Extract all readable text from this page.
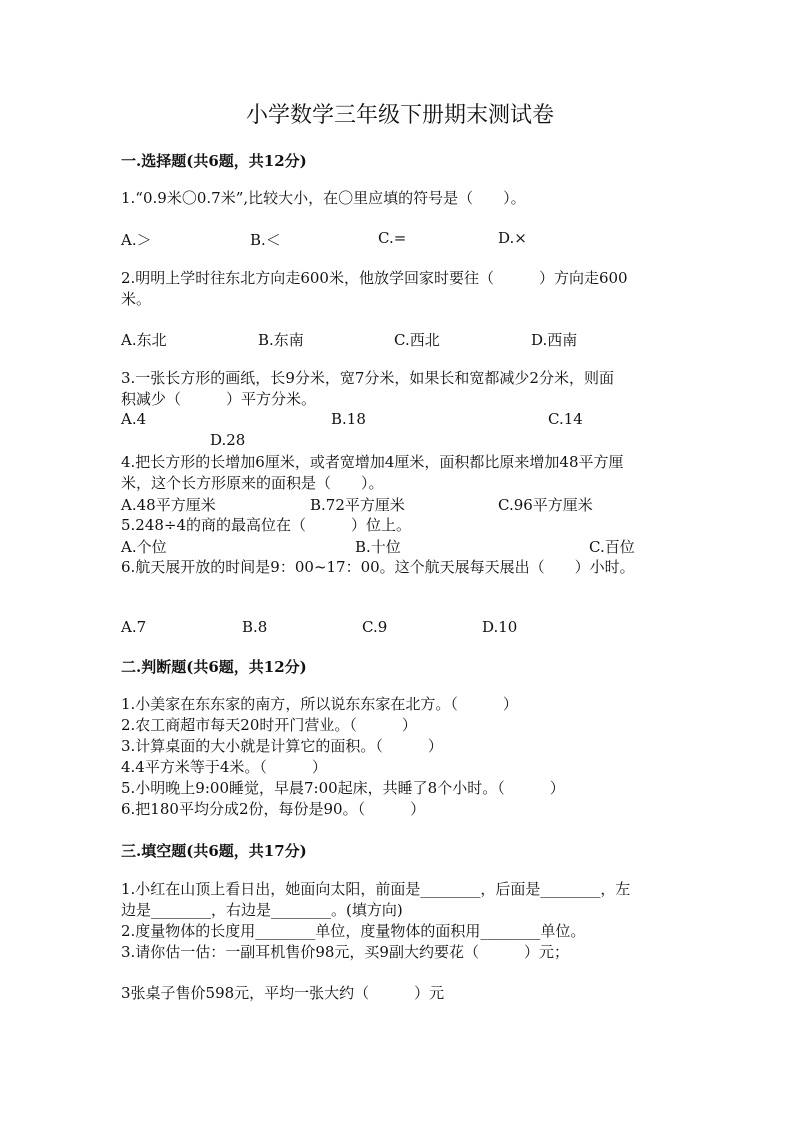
小学数学三年级下册期末测试卷
一.选择题(共6题，共12分)
1.“0.9米〇0.7米”,比较大小，在〇里应填的符号是（　　）。
A.＞	B.＜	C.=	D.×
2.明明上学时往东北方向走600米，他放学回家时要往（　　　）方向走600
米。
A.东北	B.东南	C.西北	D.西南
3.一张长方形的画纸，长9分米，宽7分米，如果长和宽都减少2分米，则面
积减少（　　　）平方分米。
A.4	B.18	C.14
D.28
4.把长方形的长增加6厘米，或者宽增加4厘米，面积都比原来增加48平方厘
米，这个长方形原来的面积是（　　）。
A.48平方厘米	B.72平方厘米	C.96平方厘米
5.248÷4的商的最高位在（　　　）位上。
A.个位	B.十位	C.百位
6.航天展开放的时间是9：00~17：00。这个航天展每天展出（　　）小时。
A.7	B.8	C.9	D.10
二.判断题(共6题，共12分)
1.小美家在东东家的南方，所以说东东家在北方。（　　　）
2.农工商超市每天20时开门营业。（　　　）
3.计算桌面的大小就是计算它的面积。（　　　）
4.4平方米等于4米。（　　　）
5.小明晚上9:00睡觉，早晨7:00起床，共睡了8个小时。（　　　）
6.把180平均分成2份，每份是90。（　　　）
三.填空题(共6题，共17分)
1.小红在山顶上看日出，她面向太阳，前面是________，后面是________，左
边是________，右边是________。(填方向)
2.度量物体的长度用________单位，度量物体的面积用________单位。
3.请你估一估：一副耳机售价98元，买9副大约要花（　　　）元；
3张桌子售价598元，平均一张大约（　　　）元
